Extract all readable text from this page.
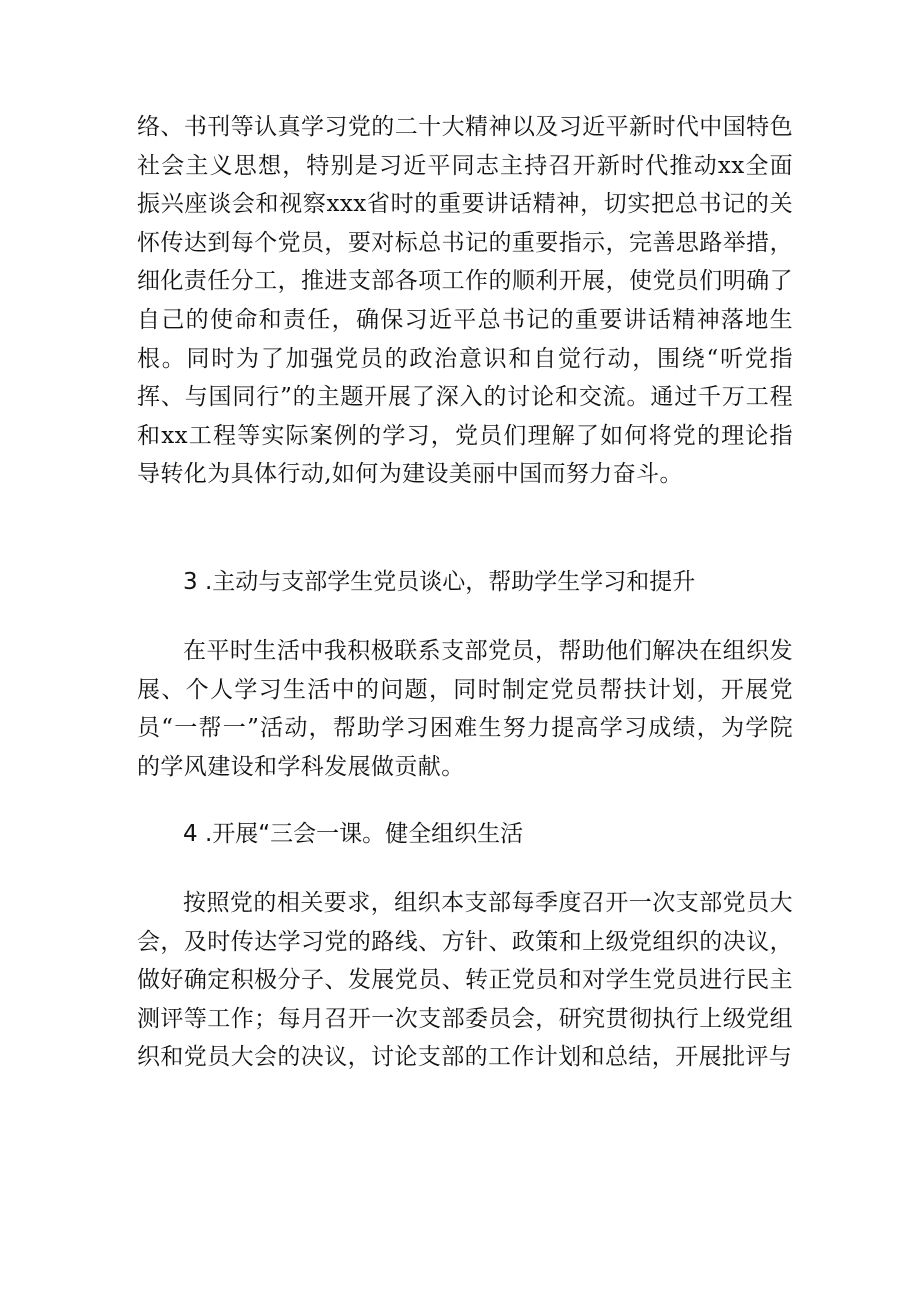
络、书刊等认真学习党的二十大精神以及习近平新时代中国特色社会主义思想，特别是习近平同志主持召开新时代推动xx全面振兴座谈会和视察xxx省时的重要讲话精神，切实把总书记的关怀传达到每个党员，要对标总书记的重要指示，完善思路举措，细化责任分工，推进支部各项工作的顺利开展，使党员们明确了自己的使命和责任，确保习近平总书记的重要讲话精神落地生根。同时为了加强党员的政治意识和自觉行动，围绕“听党指挥、与国同行”的主题开展了深入的讨论和交流。通过千万工程和xx工程等实际案例的学习，党员们理解了如何将党的理论指导转化为具体行动,如何为建设美丽中国而努力奋斗。

3 .主动与支部学生党员谈心，帮助学生学习和提升

在平时生活中我积极联系支部党员，帮助他们解决在组织发展、个人学习生活中的问题，同时制定党员帮扶计划，开展党员“一帮一”活动，帮助学习困难生努力提高学习成绩，为学院的学风建设和学科发展做贡献。

4 .开展“三会一课。健全组织生活

按照党的相关要求，组织本支部每季度召开一次支部党员大会，及时传达学习党的路线、方针、政策和上级党组织的决议，做好确定积极分子、发展党员、转正党员和对学生党员进行民主测评等工作；每月召开一次支部委员会，研究贯彻执行上级党组织和党员大会的决议，讨论支部的工作计划和总结，开展批评与
